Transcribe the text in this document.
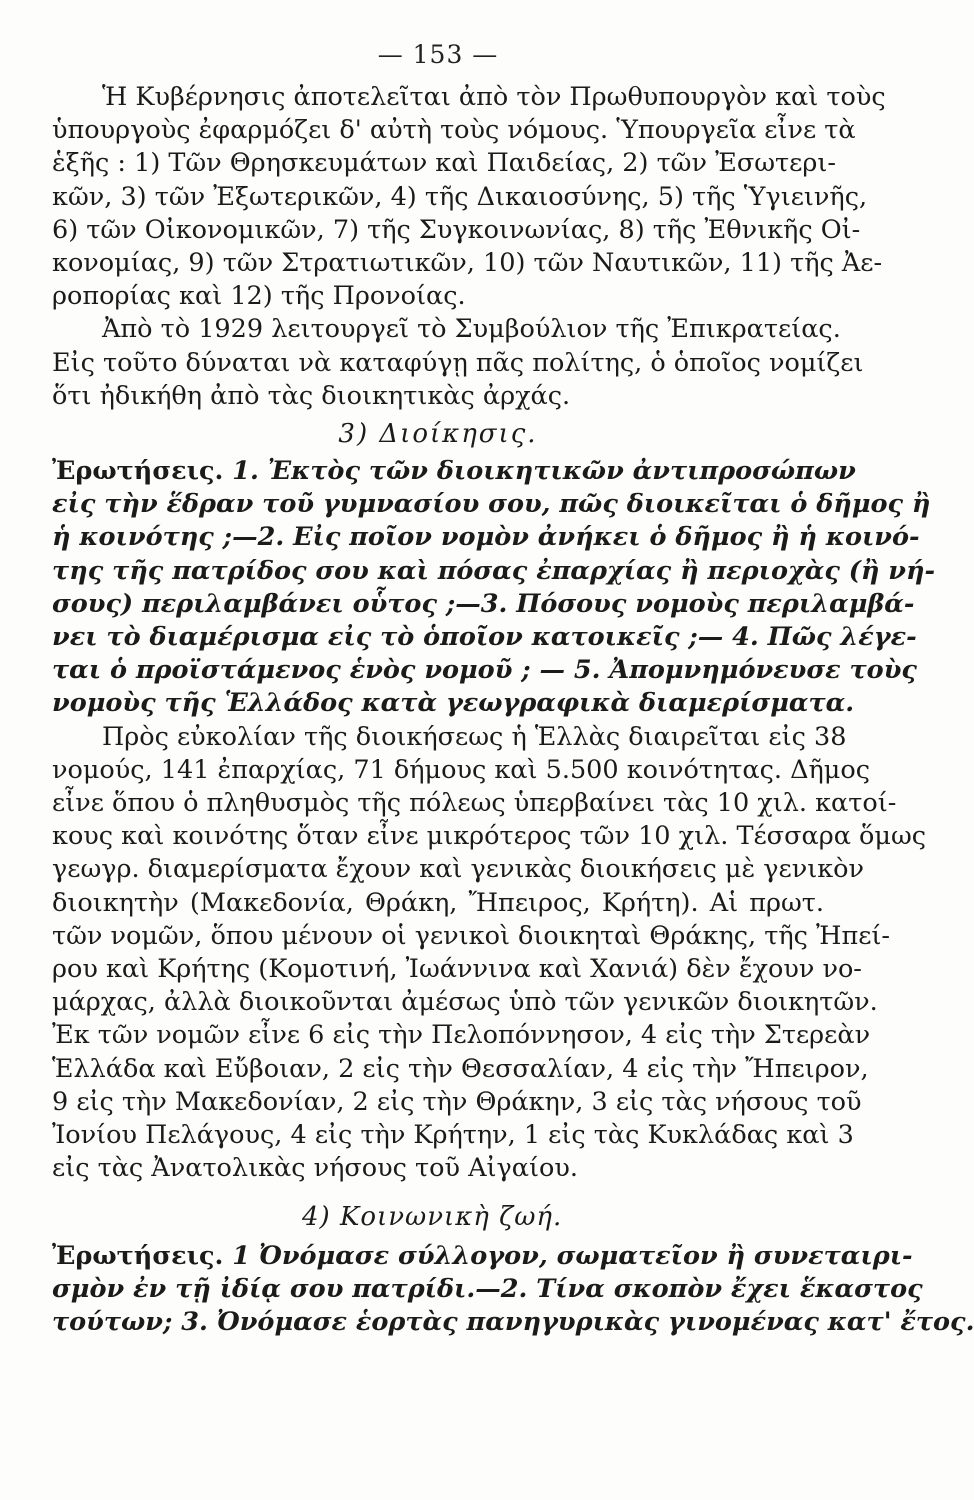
— 153 —
Ἡ Κυβέρνησις ἀποτελεῖται ἀπὸ τὸν Πρωθυπουργὸν καὶ τοὺς
ὑπουργοὺς ἐφαρμόζει δ' αὐτὴ τοὺς νόμους. Ὑπουργεῖα εἶνε τὰ
ἑξῆς : 1) Τῶν Θρησκευμάτων καὶ Παιδείας, 2) τῶν Ἐσωτερι-
κῶν, 3) τῶν Ἐξωτερικῶν, 4) τῆς Δικαιοσύνης, 5) τῆς Ὑγιεινῆς,
6) τῶν Οἰκονομικῶν, 7) τῆς Συγκοινωνίας, 8) τῆς Ἐθνικῆς Οἰ-
κονομίας, 9) τῶν Στρατιωτικῶν, 10) τῶν Ναυτικῶν, 11) τῆς Ἀε-
ροπορίας καὶ 12) τῆς Προνοίας.
Ἀπὸ τὸ 1929 λειτουργεῖ τὸ Συμβούλιον τῆς Ἐπικρατείας.
Εἰς τοῦτο δύναται νὰ καταφύγῃ πᾶς πολίτης, ὁ ὁποῖος νομίζει
ὅτι ἠδικήθη ἀπὸ τὰς διοικητικὰς ἀρχάς.
3) Διοίκησις.
Ἐρωτήσεις. 1. Ἐκτὸς τῶν διοικητικῶν ἀντιπροσώπων
εἰς τὴν ἕδραν τοῦ γυμνασίου σου, πῶς διοικεῖται ὁ δῆμος ἢ
ἡ κοινότης ;—2. Εἰς ποῖον νομὸν ἀνήκει ὁ δῆμος ἢ ἡ κοινό-
της τῆς πατρίδος σου καὶ πόσας ἐπαρχίας ἢ περιοχὰς (ἢ νή-
σους) περιλαμβάνει οὗτος ;—3. Πόσους νομοὺς περιλαμβά-
νει τὸ διαμέρισμα εἰς τὸ ὁποῖον κατοικεῖς ;— 4. Πῶς λέγε-
ται ὁ προϊστάμενος ἑνὸς νομοῦ ; — 5. Ἀπομνημόνευσε τοὺς
νομοὺς τῆς Ἑλλάδος κατὰ γεωγραφικὰ διαμερίσματα.
Πρὸς εὐκολίαν τῆς διοικήσεως ἡ Ἑλλὰς διαιρεῖται εἰς 38
νομούς, 141 ἐπαρχίας, 71 δήμους καὶ 5.500 κοινότητας. Δῆμος
εἶνε ὅπου ὁ πληθυσμὸς τῆς πόλεως ὑπερβαίνει τὰς 10 χιλ. κατοί-
κους καὶ κοινότης ὅταν εἶνε μικρότερος τῶν 10 χιλ. Τέσσαρα ὅμως
γεωγρ. διαμερίσματα ἔχουν καὶ γενικὰς διοικήσεις μὲ γενικὸν
διοικητὴν (Μακεδονία, Θράκη, Ἤπειρος, Κρήτη). Αἱ πρωτ.
τῶν νομῶν, ὅπου μένουν οἱ γενικοὶ διοικηταὶ Θράκης, τῆς Ἠπεί-
ρου καὶ Κρήτης (Κομοτινή, Ἰωάννινα καὶ Χανιά) δὲν ἔχουν νο-
μάρχας, ἀλλὰ διοικοῦνται ἀμέσως ὑπὸ τῶν γενικῶν διοικητῶν.
Ἐκ τῶν νομῶν εἶνε 6 εἰς τὴν Πελοπόννησον, 4 εἰς τὴν Στερεὰν
Ἑλλάδα καὶ Εὔβοιαν, 2 εἰς τὴν Θεσσαλίαν, 4 εἰς τὴν Ἤπειρον,
9 εἰς τὴν Μακεδονίαν, 2 εἰς τὴν Θράκην, 3 εἰς τὰς νήσους τοῦ
Ἰονίου Πελάγους, 4 εἰς τὴν Κρήτην, 1 εἰς τὰς Κυκλάδας καὶ 3
εἰς τὰς Ἀνατολικὰς νήσους τοῦ Αἰγαίου.
4) Κοινωνικὴ ζωή.
Ἐρωτήσεις. 1 Ὀνόμασε σύλλογον, σωματεῖον ἢ συνεταιρι-
σμὸν ἐν τῇ ἰδίᾳ σου πατρίδι.—2. Τίνα σκοπὸν ἔχει ἕκαστος
τούτων; 3. Ὀνόμασε ἑορτὰς πανηγυρικὰς γινομένας κατ' ἔτος.
